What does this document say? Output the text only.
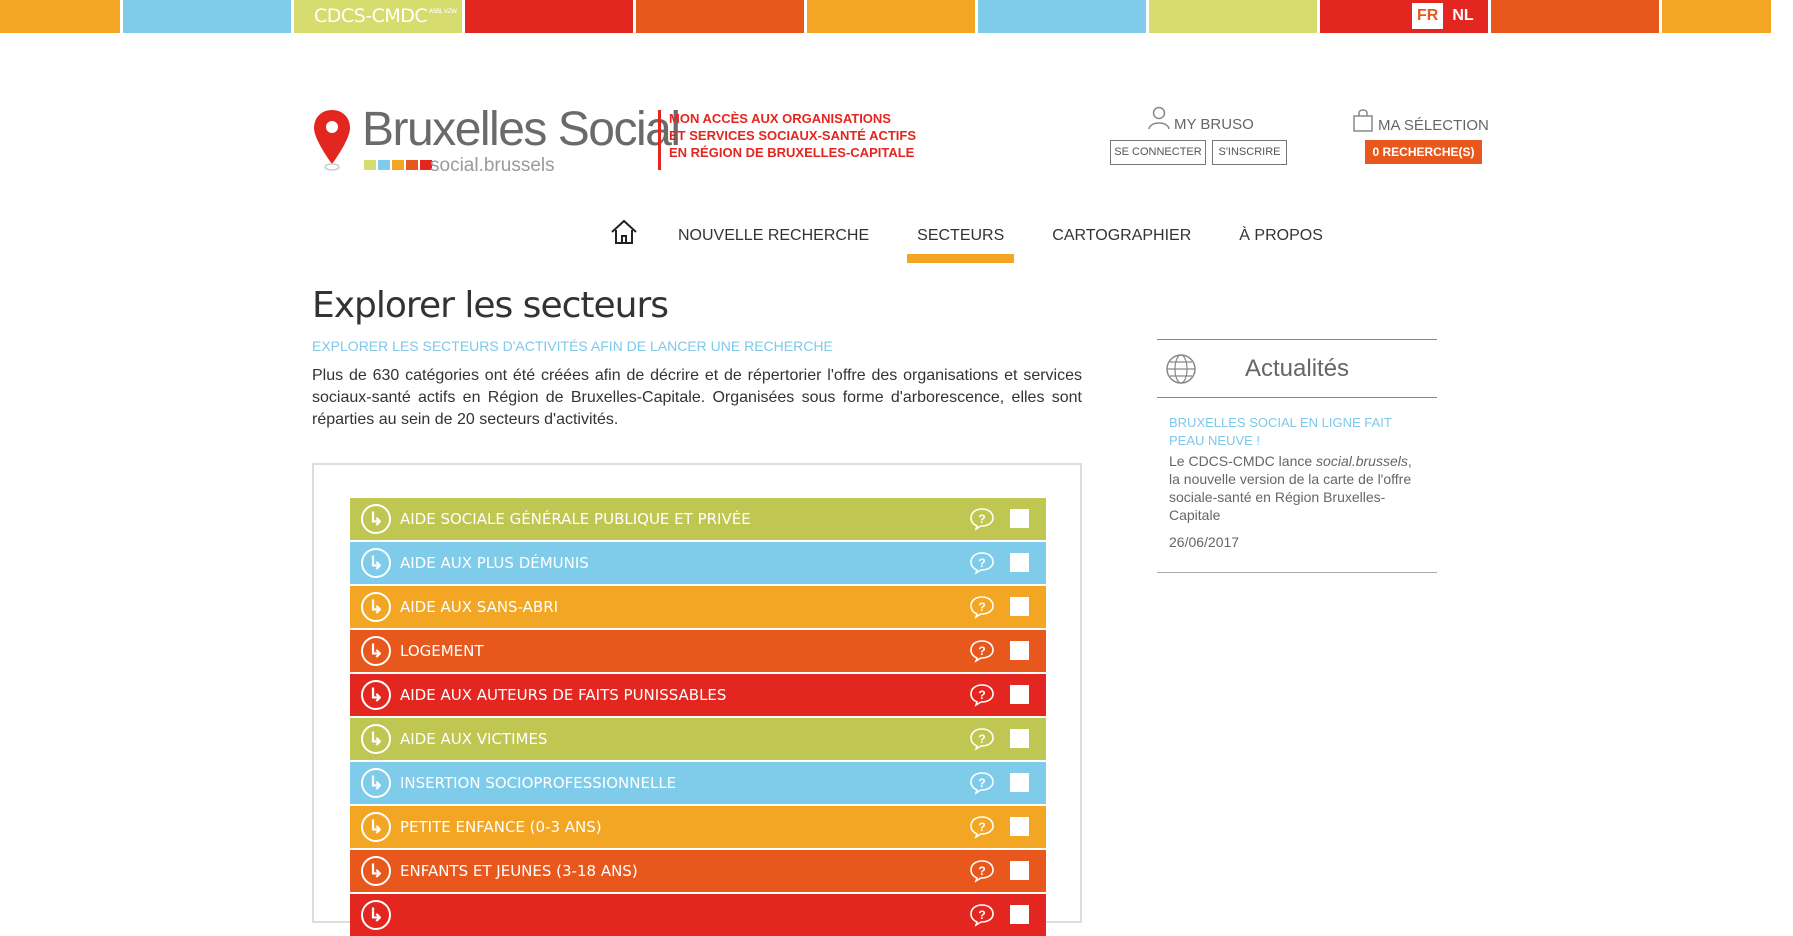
CDCS-CMDC ASBL VZW	FR NL
Bruxelles Social
social.brussels
MON ACCÈS AUX ORGANISATIONS
ET SERVICES SOCIAUX-SANTÉ ACTIFS
EN RÉGION DE BRUXELLES-CAPITALE
MY BRUSO
SE CONNECTER	S'INSCRIRE
MA SÉLECTION
0 RECHERCHE(S)
NOUVELLE RECHERCHE	SECTEURS	CARTOGRAPHIER	À PROPOS
Explorer les secteurs
EXPLORER LES SECTEURS D'ACTIVITÉS AFIN DE LANCER UNE RECHERCHE

Plus de 630 catégories ont été créées afin de décrire et de répertorier l'offre des organisations et services sociaux-santé actifs en Région de Bruxelles-Capitale. Organisées sous forme d'arborescence, elles sont réparties au sein de 20 secteurs d'activités.

↳	AIDE SOCIALE GÉNÉRALE PUBLIQUE ET PRIVÉE	?
↳	AIDE AUX PLUS DÉMUNIS	?
↳	AIDE AUX SANS-ABRI	?
↳	LOGEMENT	?
↳	AIDE AUX AUTEURS DE FAITS PUNISSABLES	?
↳	AIDE AUX VICTIMES	?
↳	INSERTION SOCIOPROFESSIONNELLE	?
↳	PETITE ENFANCE (0-3 ANS)	?
↳	ENFANTS ET JEUNES (3-18 ANS)	?
↳	?
Actualités
BRUXELLES SOCIAL EN LIGNE FAIT PEAU NEUVE !
Le CDCS-CMDC lance social.brussels, la nouvelle version de la carte de l'offre sociale-santé en Région Bruxelles-Capitale
26/06/2017
